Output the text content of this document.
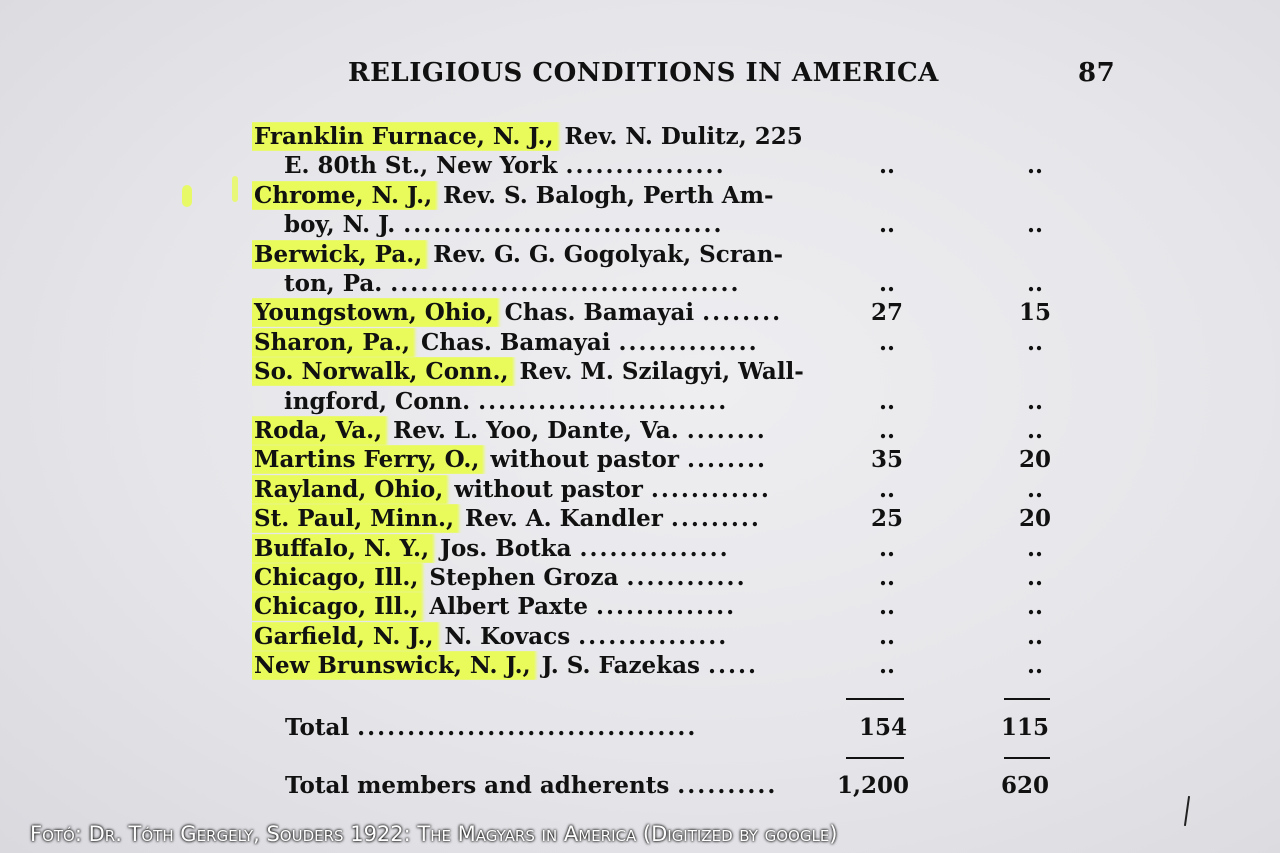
RELIGIOUS CONDITIONS IN AMERICA	87
Franklin Furnace, N. J., Rev. N. Dulitz, 225
E. 80th St., New York ................	..	..
Chrome, N. J., Rev. S. Balogh, Perth Am-
boy, N. J. ................................	..	..
Berwick, Pa., Rev. G. G. Gogolyak, Scran-
ton, Pa. ...................................	..	..
Youngstown, Ohio, Chas. Bamayai ........	27	15
Sharon, Pa., Chas. Bamayai ..............	..	..
So. Norwalk, Conn., Rev. M. Szilagyi, Wall-
ingford, Conn. .........................	..	..
Roda, Va., Rev. L. Yoo, Dante, Va. ........	..	..
Martins Ferry, O., without pastor ........	35	20
Rayland, Ohio, without pastor ............	..	..
St. Paul, Minn., Rev. A. Kandler .........	25	20
Buffalo, N. Y., Jos. Botka ...............	..	..
Chicago, Ill., Stephen Groza ............	..	..
Chicago, Ill., Albert Paxte ..............	..	..
Garfield, N. J., N. Kovacs ...............	..	..
New Brunswick, N. J., J. S. Fazekas .....	..	..
Total ..................................	154	115
Total members and adherents ..........	1,200	620
Fotó: Dr. Tóth Gergely, Souders 1922: The Magyars in America (Digitized by google)
